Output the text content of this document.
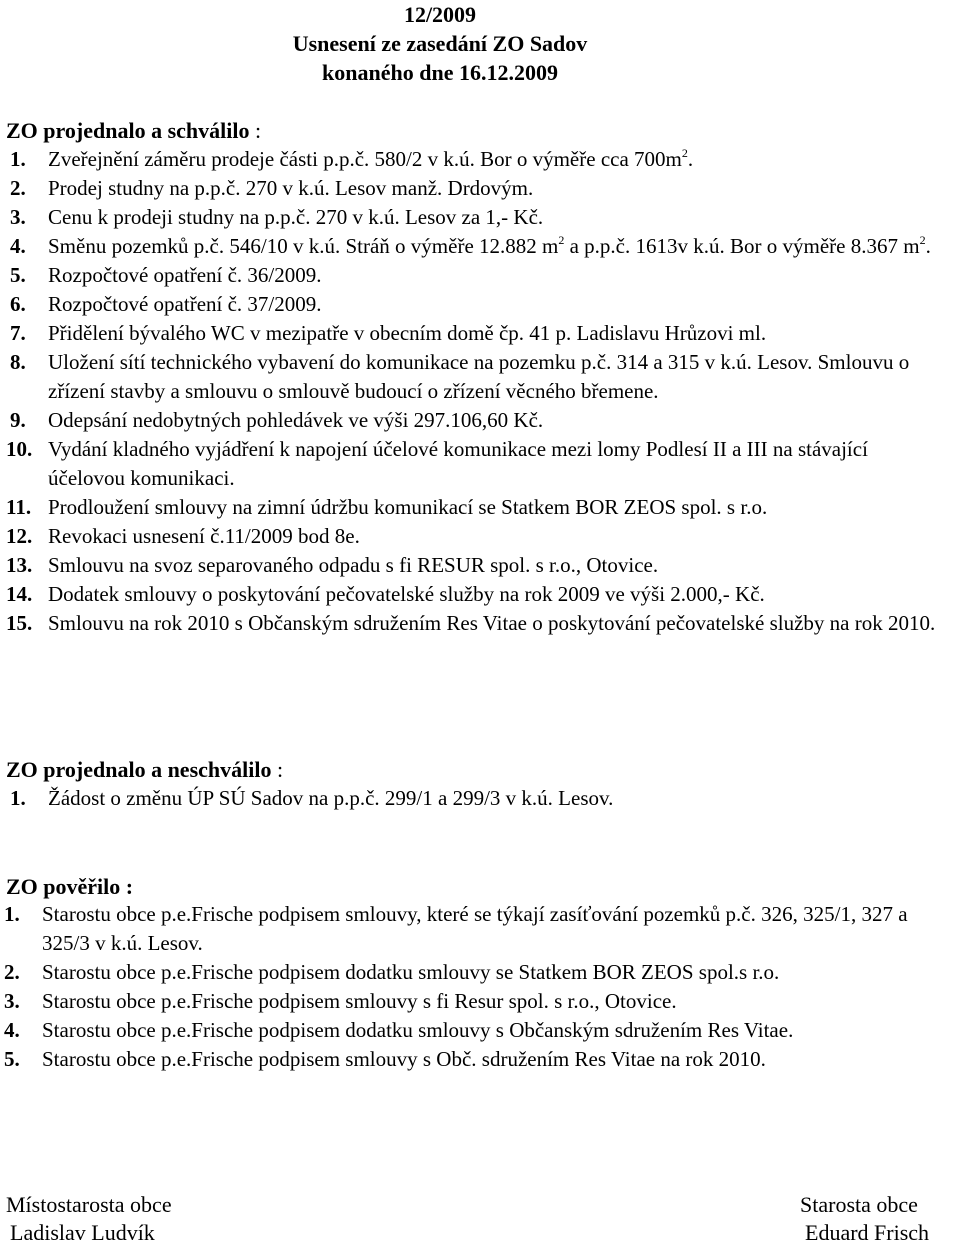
12/2009
Usnesení ze zasedání ZO Sadov
konaného dne 16.12.2009
ZO projednalo a schválilo :
1. Zveřejnění záměru prodeje části p.p.č. 580/2 v k.ú. Bor o výměře cca $700m^2$.
2. Prodej studny na p.p.č. 270 v k.ú. Lesov manž. Drdovým.
3. Cenu k prodeji studny na p.p.č. 270 v k.ú. Lesov za 1,- Kč.
4. Směnu pozemků p.č. 546/10 v k.ú. Stráň o výměře 12.882 $m^2$ a p.p.č. 1613v k.ú. Bor o výměře 8.367 $m^2$.
5. Rozpočtové opatření č. 36/2009.
6. Rozpočtové opatření č. 37/2009.
7. Přidělení bývalého WC v mezipatře v obecním domě čp. 41 p. Ladislavu Hrůzovi ml.
8. Uložení sítí technického vybavení do komunikace na pozemku p.č. 314 a 315 v k.ú. Lesov. Smlouvu o zřízení stavby a smlouvu o smlouvě budoucí o zřízení věcného břemene.
9. Odepsání nedobytných pohledávek ve výši 297.106,60 Kč.
10. Vydání kladného vyjádření k napojení účelové komunikace mezi lomy Podlesí II a III na stávající účelovou komunikaci.
11. Prodloužení smlouvy na zimní údržbu komunikací se Statkem BOR ZEOS spol. s r.o.
12. Revokaci usnesení č.11/2009 bod 8e.
13. Smlouvu na svoz separovaného odpadu s fi RESUR spol. s r.o., Otovice.
14. Dodatek smlouvy o poskytování pečovatelské služby na rok 2009 ve výši 2.000,- Kč.
15. Smlouvu na rok 2010 s Občanským sdružením Res Vitae o poskytování pečovatelské služby na rok 2010.
ZO projednalo a neschválilo :
1. Žádost o změnu ÚP SÚ Sadov na p.p.č. 299/1 a 299/3 v k.ú. Lesov.
ZO pověřilo :
1. Starostu obce p.e.Frische podpisem smlouvy, které se týkají zasíťování pozemků p.č. 326, 325/1, 327 a 325/3 v k.ú. Lesov.
2. Starostu obce p.e.Frische podpisem dodatku smlouvy se Statkem BOR ZEOS spol.s r.o.
3. Starostu obce p.e.Frische podpisem smlouvy s fi Resur spol. s r.o., Otovice.
4. Starostu obce p.e.Frische podpisem dodatku smlouvy s Občanským sdružením Res Vitae.
5. Starostu obce p.e.Frische podpisem smlouvy s Obč. sdružením Res Vitae na rok 2010.
Místostarosta obce
Ladislav Ludvík
Starosta obce
Eduard Frisch
